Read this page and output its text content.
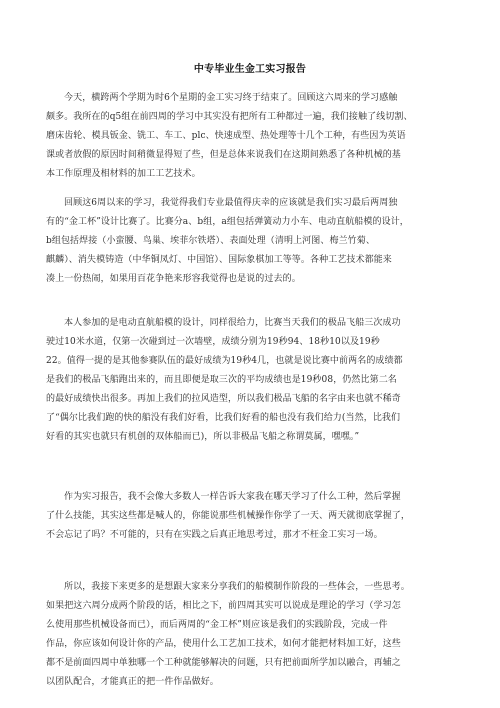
中专毕业生金工实习报告
今天，横跨两个学期为时6个星期的金工实习终于结束了。回顾这六周来的学习感触
颇多。我所在的q5组在前四周的学习中其实没有把所有工种都过一遍，我们接触了线切割、
磨床齿轮、模具钣金、铣工、车工、plc、快速成型、热处理等十几个工种，有些因为英语
课或者放假的原因时间稍微显得短了些，但是总体来说我们在这期间熟悉了各种机械的基
本工作原理及相材料的加工工艺技术。
回顾这6周以来的学习，我觉得我们专业最值得庆幸的应该就是我们实习最后两周独
有的“金工杯”设计比赛了。比赛分a、b组，a组包括弹簧动力小车、电动直航船模的设计，
b组包括焊接（小蛮腰、鸟巢、埃菲尔铁塔）、表面处理（清明上河图、梅兰竹菊、
麒麟）、消失模铸造（中华铜凤灯、中国馆）、国际象棋加工等等。各种工艺技术都能来
凑上一份热闹，如果用百花争艳来形容我觉得也是说的过去的。
本人参加的是电动直航船模的设计，同样很给力，比赛当天我们的极品飞船三次成功
驶过10米水道，仅第一次碰到过一次墙壁，成绩分别为19秒94、18秒10以及19秒
22。值得一提的是其他参赛队伍的最好成绩为19秒4几，也就是说比赛中前两名的成绩都
是我们的极品飞船跑出来的，而且即便是取三次的平均成绩也是19秒08，仍然比第二名
的最好成绩快出很多。再加上我们的拉风造型，所以我们极品飞船的名字由来也就不稀奇
了“偶尔比我们跑的快的船没有我们好看，比我们好看的船也没有我们给力(当然，比我们
好看的其实也就只有机创的双体船而已)，所以非极品飞船之称谓莫属，嘿嘿。”
作为实习报告，我不会像大多数人一样告诉大家我在哪天学习了什么工种，然后掌握
了什么技能，其实这些都是喊人的，你能说那些机械操作你学了一天、两天就彻底掌握了，
不会忘记了吗？不可能的，只有在实践之后真正地思考过，那才不枉金工实习一场。
所以，我接下来更多的是想跟大家来分享我们的船模制作阶段的一些体会，一些思考。
如果把这六周分成两个阶段的话，相比之下，前四周其实可以说成是理论的学习（学习怎
么使用那些机械设备而已），而后两周的“金工杯”则应该是我们的实践阶段，完成一件
作品，你应该如何设计你的产品，使用什么工艺加工技术，如何才能把材料加工好，这些
都不是前面四周中单独哪一个工种就能够解决的问题，只有把前面所学加以融合，再辅之
以团队配合，才能真正的把一件作品做好。
